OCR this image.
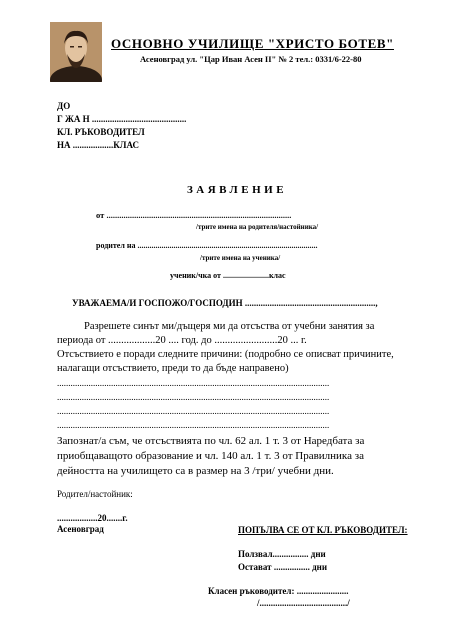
ОСНОВНО УЧИЛИЩЕ "ХРИСТО БОТЕВ"
Асеновград ул. "Цар Иван Асен II" № 2 тел.: 0331/6-22-80
ДО
Г ЖА Н ..........................................
КЛ. РЪКОВОДИТЕЛ
НА ..................КЛАС
ЗАЯВЛЕНИЕ
от .......................................................................................
/трите имена на родителя/настойника/
родител на ..........................................................................................
/трите имена на ученика/
ученик/чка от .......................клас
УВАЖАЕМА/И ГОСПОЖО/ГОСПОДИН ..........................................................,
Разрешете синът ми/дъщеря ми да отсъства от учебни занятия за
периода от ..................20 .... год. до ........................20 ... г.
Отсъствието е поради следните причини: (подробно се описват причините,
налагащи отсъствието, преди то да бъде направено)
.........................................................................................................................
.........................................................................................................................
.........................................................................................................................
.........................................................................................................................
Запознат/а съм, че отсъствията по чл. 62 ал. 1 т. 3 от Наредбата за
приобщаващото образование и чл. 140 ал. 1 т. 3 от Правилника за
дейността на училището са в размер на 3 /три/ учебни дни.
Родител/настойник:
..................20.......г.
Асеновград	ПОПЪЛВА СЕ ОТ КЛ. РЪКОВОДИТЕЛ:
Ползвал................ дни
Остават ................ дни
Класен ръководител: .......................
/......................................./
